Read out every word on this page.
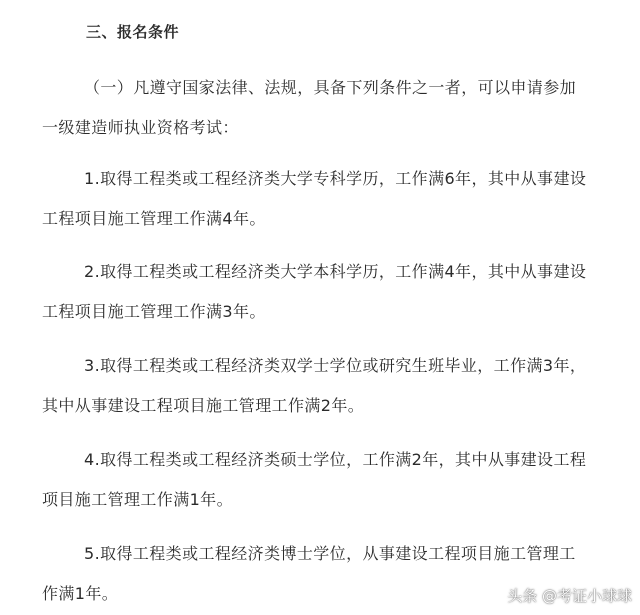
三、报名条件
（一）凡遵守国家法律、法规，具备下列条件之一者，可以申请参加
一级建造师执业资格考试：
1.取得工程类或工程经济类大学专科学历，工作满6年，其中从事建设
工程项目施工管理工作满4年。
2.取得工程类或工程经济类大学本科学历，工作满4年，其中从事建设
工程项目施工管理工作满3年。
3.取得工程类或工程经济类双学士学位或研究生班毕业，工作满3年，
其中从事建设工程项目施工管理工作满2年。
4.取得工程类或工程经济类硕士学位，工作满2年，其中从事建设工程
项目施工管理工作满1年。
5.取得工程类或工程经济类博士学位，从事建设工程项目施工管理工
作满1年。	头条 @考证小球球
